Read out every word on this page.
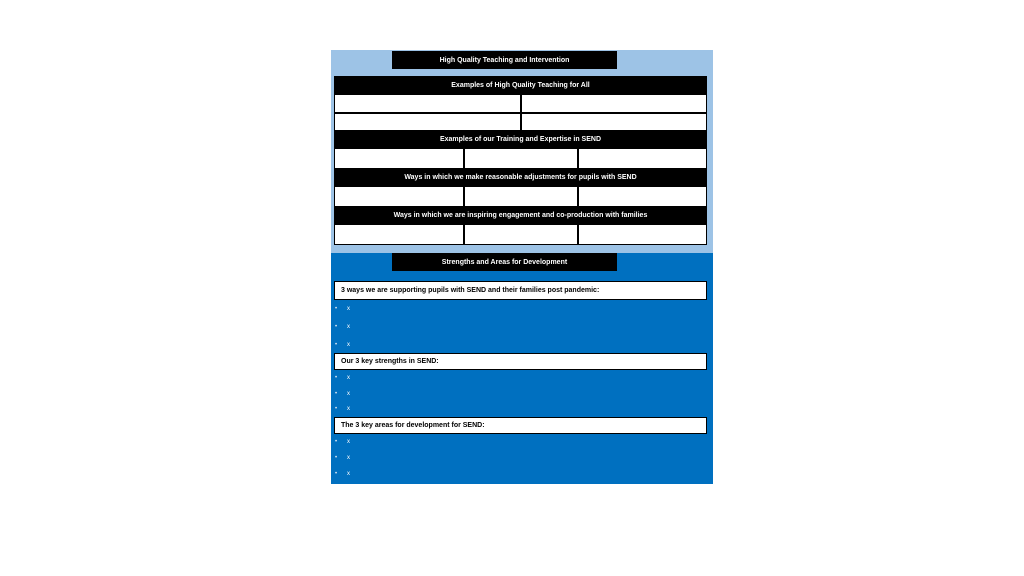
High Quality Teaching and Intervention
Examples of High Quality Teaching for All
Examples of our Training and Expertise in SEND
Ways in which we make reasonable adjustments for pupils with SEND
Ways in which we are inspiring engagement and co-production with families
Strengths and Areas for Development
3 ways we are supporting pupils with SEND and their families post pandemic:
•	x
•	x
•	x
Our 3 key strengths in SEND:
•	x
•	x
•	x
The 3 key areas for development for SEND:
•	x
•	x
•	x
